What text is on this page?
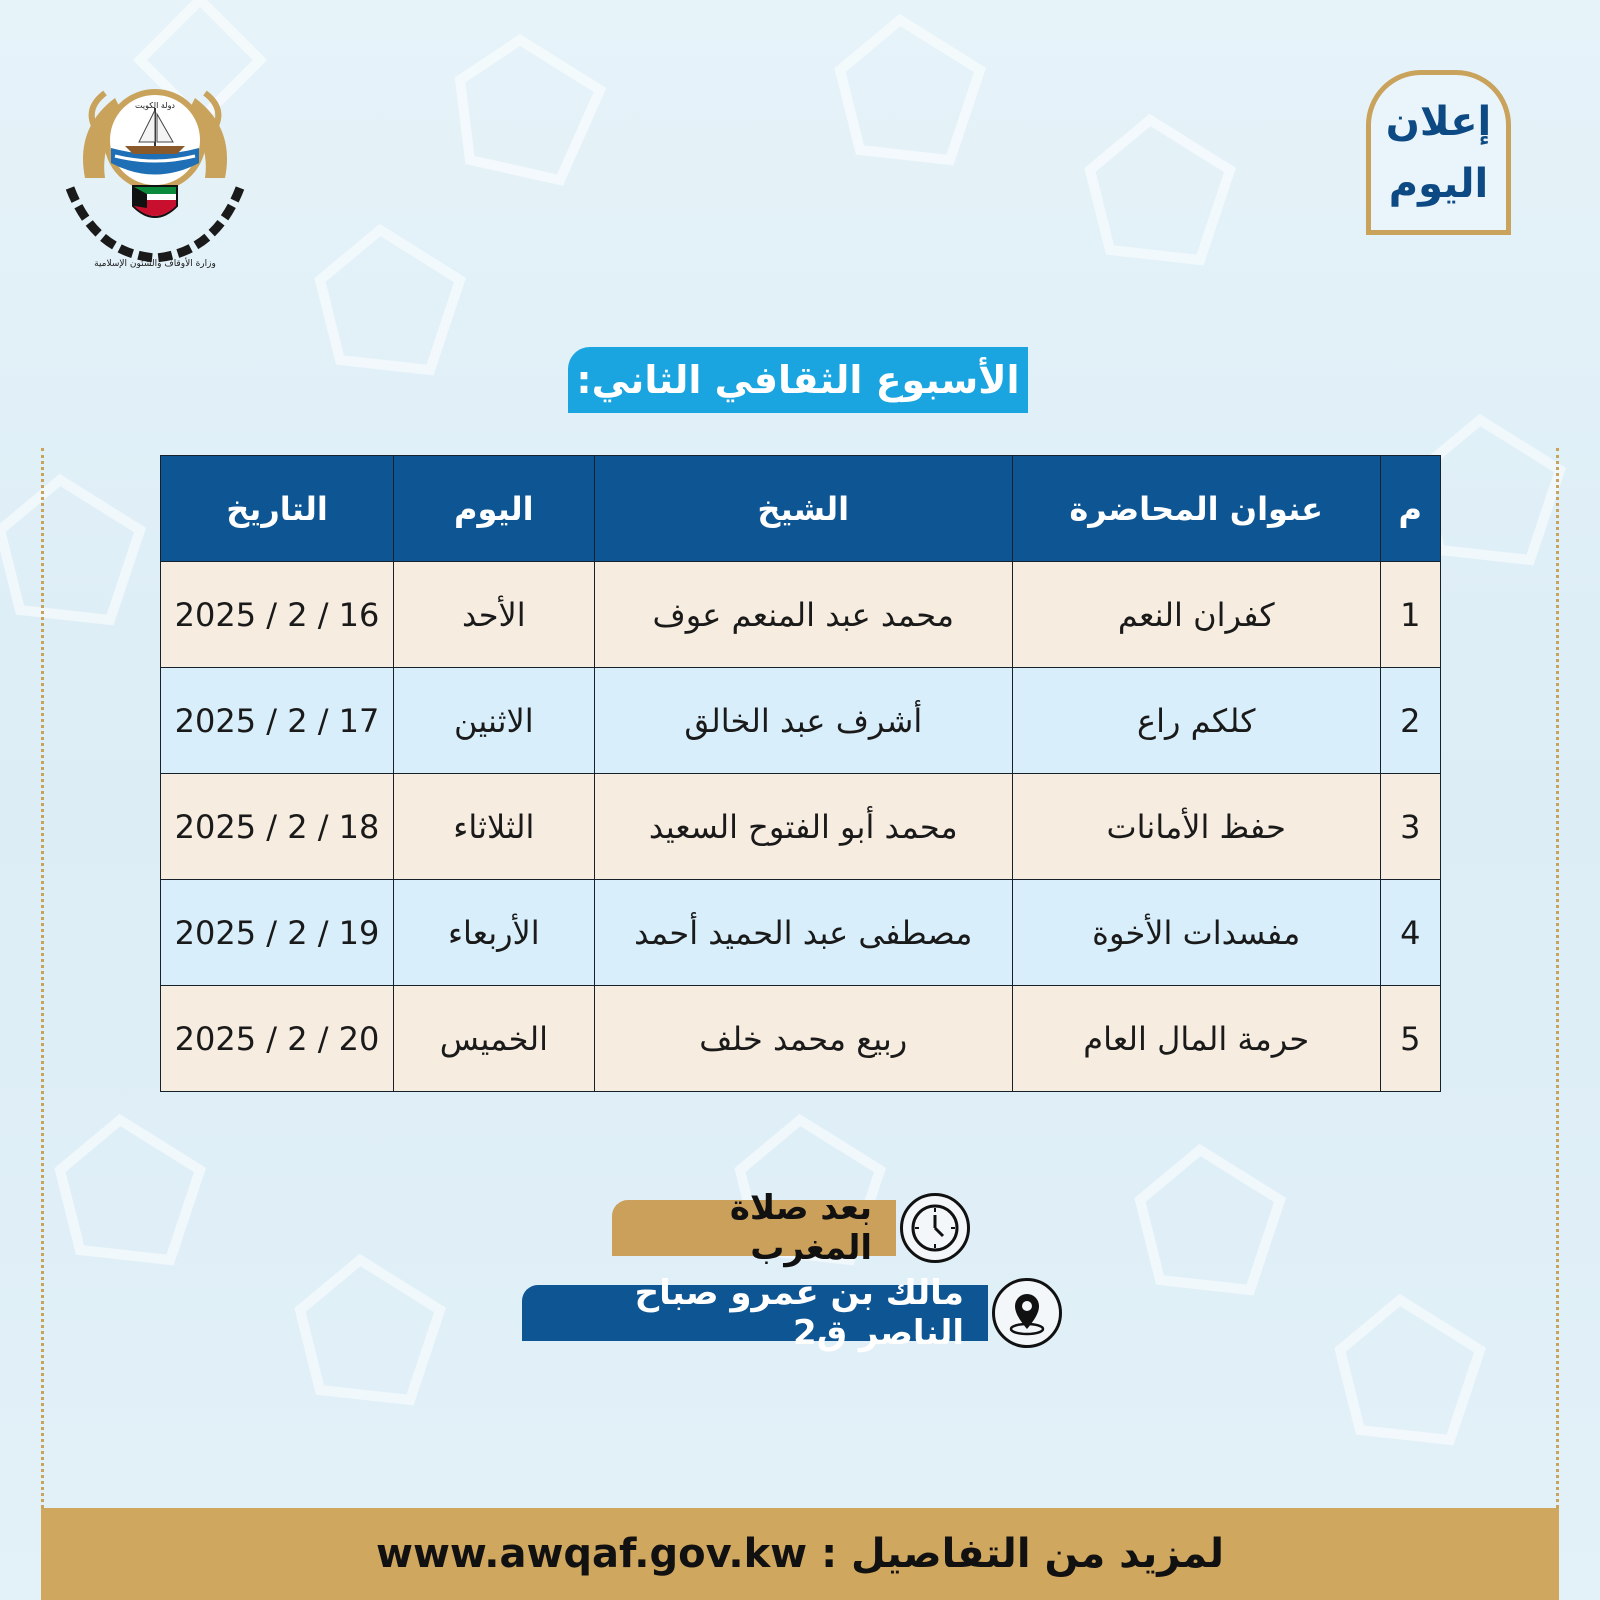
وزارة الأوقاف والشئون الإسلامية
دولة الكويت	إعلان
اليوم
الأسبوع الثقافي الثاني:
م	عنوان المحاضرة	الشيخ	اليوم	التاريخ
1	كفران النعم	محمد عبد المنعم عوف	الأحد	2025 / 2 / 16
2	كلكم راع	أشرف عبد الخالق	الاثنين	2025 / 2 / 17
3	حفظ الأمانات	محمد أبو الفتوح السعيد	الثلاثاء	2025 / 2 / 18
4	مفسدات الأخوة	مصطفى عبد الحميد أحمد	الأربعاء	2025 / 2 / 19
5	حرمة المال العام	ربيع محمد خلف	الخميس	2025 / 2 / 20
بعد صلاة المغرب
مالك بن عمرو صباح الناصر ق2
لمزيد من التفاصيل : www.awqaf.gov.kw
